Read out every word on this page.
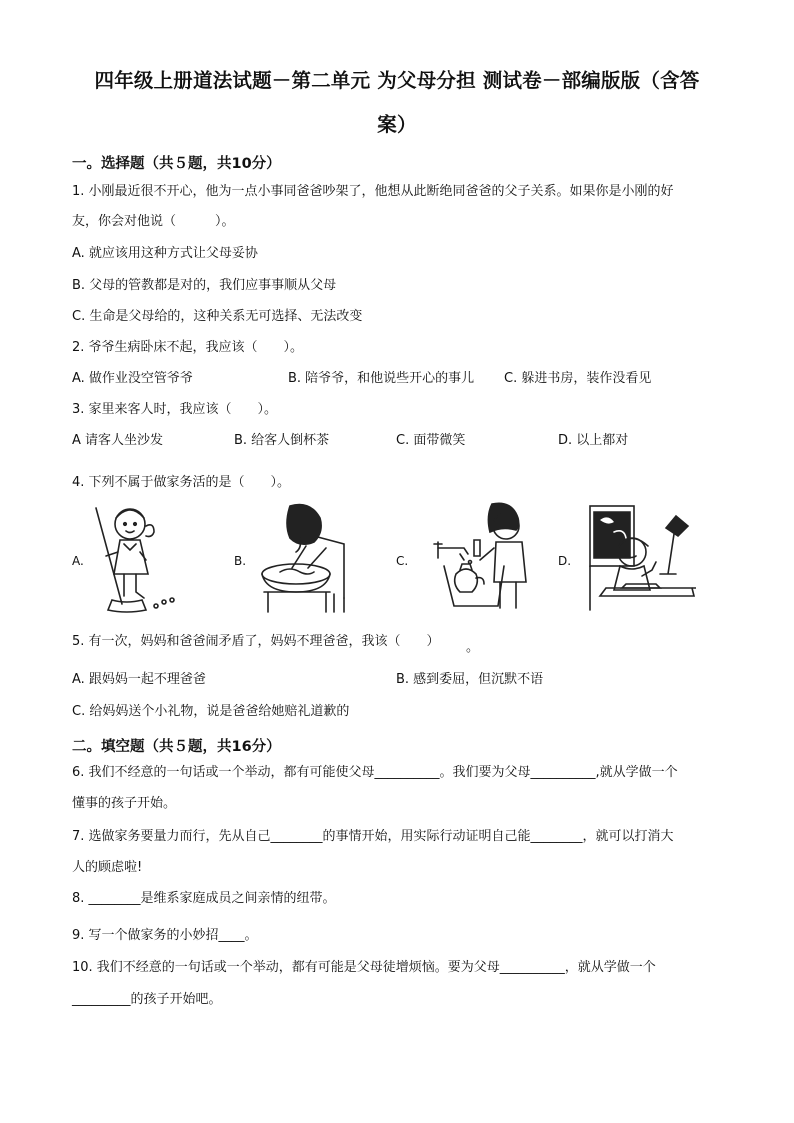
四年级上册道法试题－第二单元 为父母分担 测试卷－部编版版（含答
案）
一。选择题（共５题，共10分）
1. 小刚最近很不开心，他为一点小事同爸爸吵架了，他想从此断绝同爸爸的父子关系。如果你是小刚的好
友，你会对他说（　　　）。
A. 就应该用这种方式让父母妥协
B. 父母的管教都是对的，我们应事事顺从父母
C. 生命是父母给的，这种关系无可选择、无法改变
2. 爷爷生病卧床不起，我应该（　　）。
A. 做作业没空管爷爷	B. 陪爷爷，和他说些开心的事儿 C. 躲进书房，装作没看见
3. 家里来客人时，我应该（　　）。
A 请客人坐沙发	B. 给客人倒杯茶	C. 面带微笑	D. 以上都对
4. 下列不属于做家务活的是（　　）。
A.	B.	C.	D.
5. 有一次，妈妈和爸爸闹矛盾了，妈妈不理爸爸，我该（　　） 。
A. 跟妈妈一起不理爸爸	B. 感到委屈，但沉默不语
C. 给妈妈送个小礼物，说是爸爸给她赔礼道歉的
二。填空题（共５题，共16分）
6. 我们不经意的一句话或一个举动，都有可能使父母__________。我们要为父母__________,就从学做一个
懂事的孩子开始。
7. 选做家务要量力而行，先从自己________的事情开始，用实际行动证明自己能________，就可以打消大
人的顾虑啦!
8. ________是维系家庭成员之间亲情的纽带。
9. 写一个做家务的小妙招____。
10. 我们不经意的一句话或一个举动，都有可能是父母徒增烦恼。要为父母__________，就从学做一个
_________的孩子开始吧。
